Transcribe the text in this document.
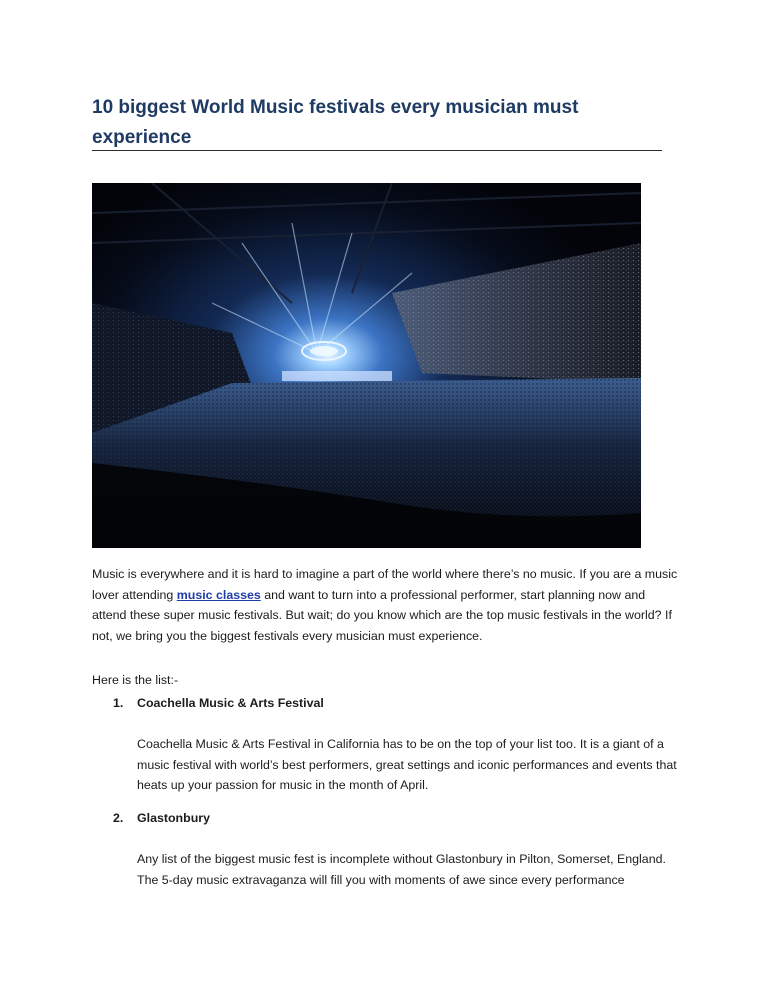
10 biggest World Music festivals every musician must experience

Music is everywhere and it is hard to imagine a part of the world where there’s no music. If you are a music lover attending music classes and want to turn into a professional performer, start planning now and attend these super music festivals. But wait; do you know which are the top music festivals in the world? If not, we bring you the biggest festivals every musician must experience.

Here is the list:-

1. Coachella Music & Arts Festival

Coachella Music & Arts Festival in California has to be on the top of your list too. It is a giant of a music festival with world’s best performers, great settings and iconic performances and events that heats up your passion for music in the month of April.

2. Glastonbury

Any list of the biggest music fest is incomplete without Glastonbury in Pilton, Somerset, England. The 5-day music extravaganza will fill you with moments of awe since every performance
